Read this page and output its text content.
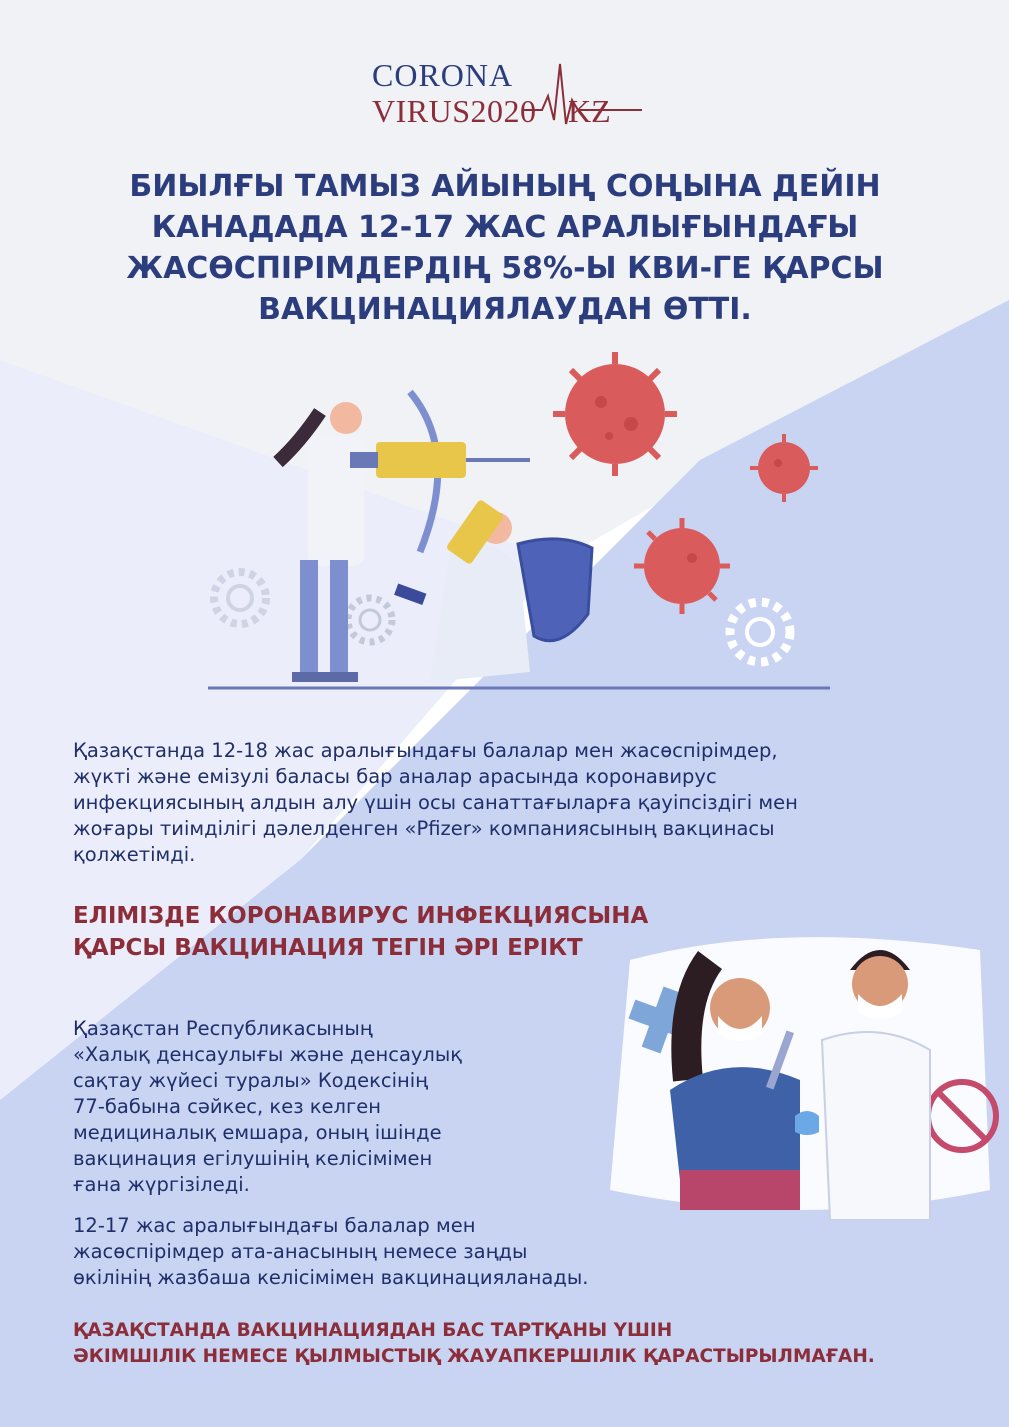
CORONA
VIRUS2020 KZ
БИЫЛҒЫ ТАМЫЗ АЙЫНЫҢ СОҢЫНА ДЕЙІН
КАНАДАДА 12-17 ЖАС АРАЛЫҒЫНДАҒЫ
ЖАСӨСПІРІМДЕРДІҢ 58%-Ы КВИ-ГЕ ҚАРСЫ
ВАКЦИНАЦИЯЛАУДАН ӨТТІ.

Қазақстанда 12-18 жас аралығындағы балалар мен жасөспірімдер,
жүкті және емізулі баласы бар аналар арасында коронавирус
инфекциясының алдын алу үшін осы санаттағыларға қауіпсіздігі мен
жоғары тиімділігі дәлелденген «Pfizer» компаниясының вакцинасы
қолжетімді.

ЕЛІМІЗДЕ КОРОНАВИРУС ИНФЕКЦИЯСЫНА
ҚАРСЫ ВАКЦИНАЦИЯ ТЕГІН ӘРІ ЕРІКТ

Қазақстан Республикасының
«Халық денсаулығы және денсаулық
сақтау жүйесі туралы» Кодексінің
77-бабына сәйкес, кез келген
медициналық емшара, оның ішінде
вакцинация егілушінің келісімімен
ғана жүргізіледі.

12-17 жас аралығындағы балалар мен
жасөспірімдер ата-анасының немесе заңды
өкілінің жазбаша келісімімен вакцинацияланады.

ҚАЗАҚСТАНДА ВАКЦИНАЦИЯДАН БАС ТАРТҚАНЫ ҮШІН
ӘКІМШІЛІК НЕМЕСЕ ҚЫЛМЫСТЫҚ ЖАУАПКЕРШІЛІК ҚАРАСТЫРЫЛМАҒАН.
